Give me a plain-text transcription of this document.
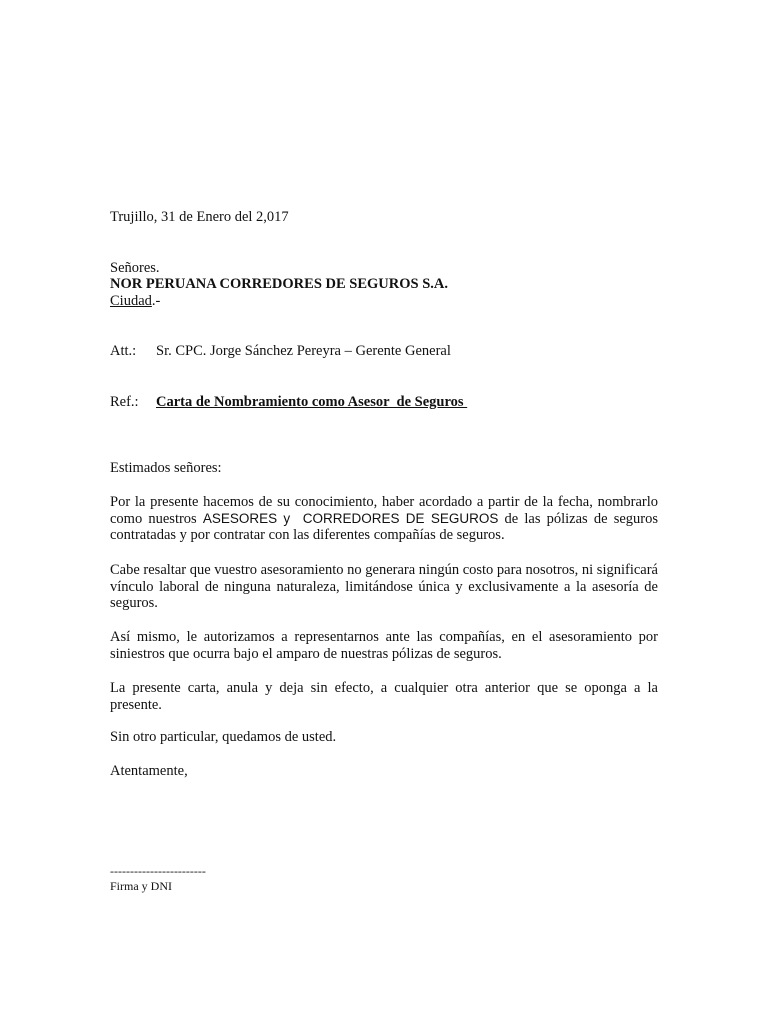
Trujillo, 31 de Enero del 2,017
Señores.
NOR PERUANA CORREDORES DE SEGUROS S.A.
Ciudad.-
Att.: Sr. CPC. Jorge Sánchez Pereyra – Gerente General
Ref.: Carta de Nombramiento como Asesor  de Seguros
Estimados señores:
Por la presente hacemos de su conocimiento, haber acordado a partir de la fecha, nombrarlo como nuestros ASESORES y  CORREDORES DE SEGUROS de las pólizas de seguros contratadas y por contratar con las diferentes compañías de seguros.
Cabe resaltar que vuestro asesoramiento no generara ningún costo para nosotros, ni significará vínculo laboral de ninguna naturaleza, limitándose única y exclusivamente a la asesoría de seguros.
Así mismo, le autorizamos a representarnos ante las compañías, en el asesoramiento por siniestros que ocurra bajo el amparo de nuestras pólizas de seguros.
La presente carta, anula y deja sin efecto, a cualquier otra anterior que se oponga a la presente.
Sin otro particular, quedamos de usted.
Atentamente,
------------------------
Firma y DNI
